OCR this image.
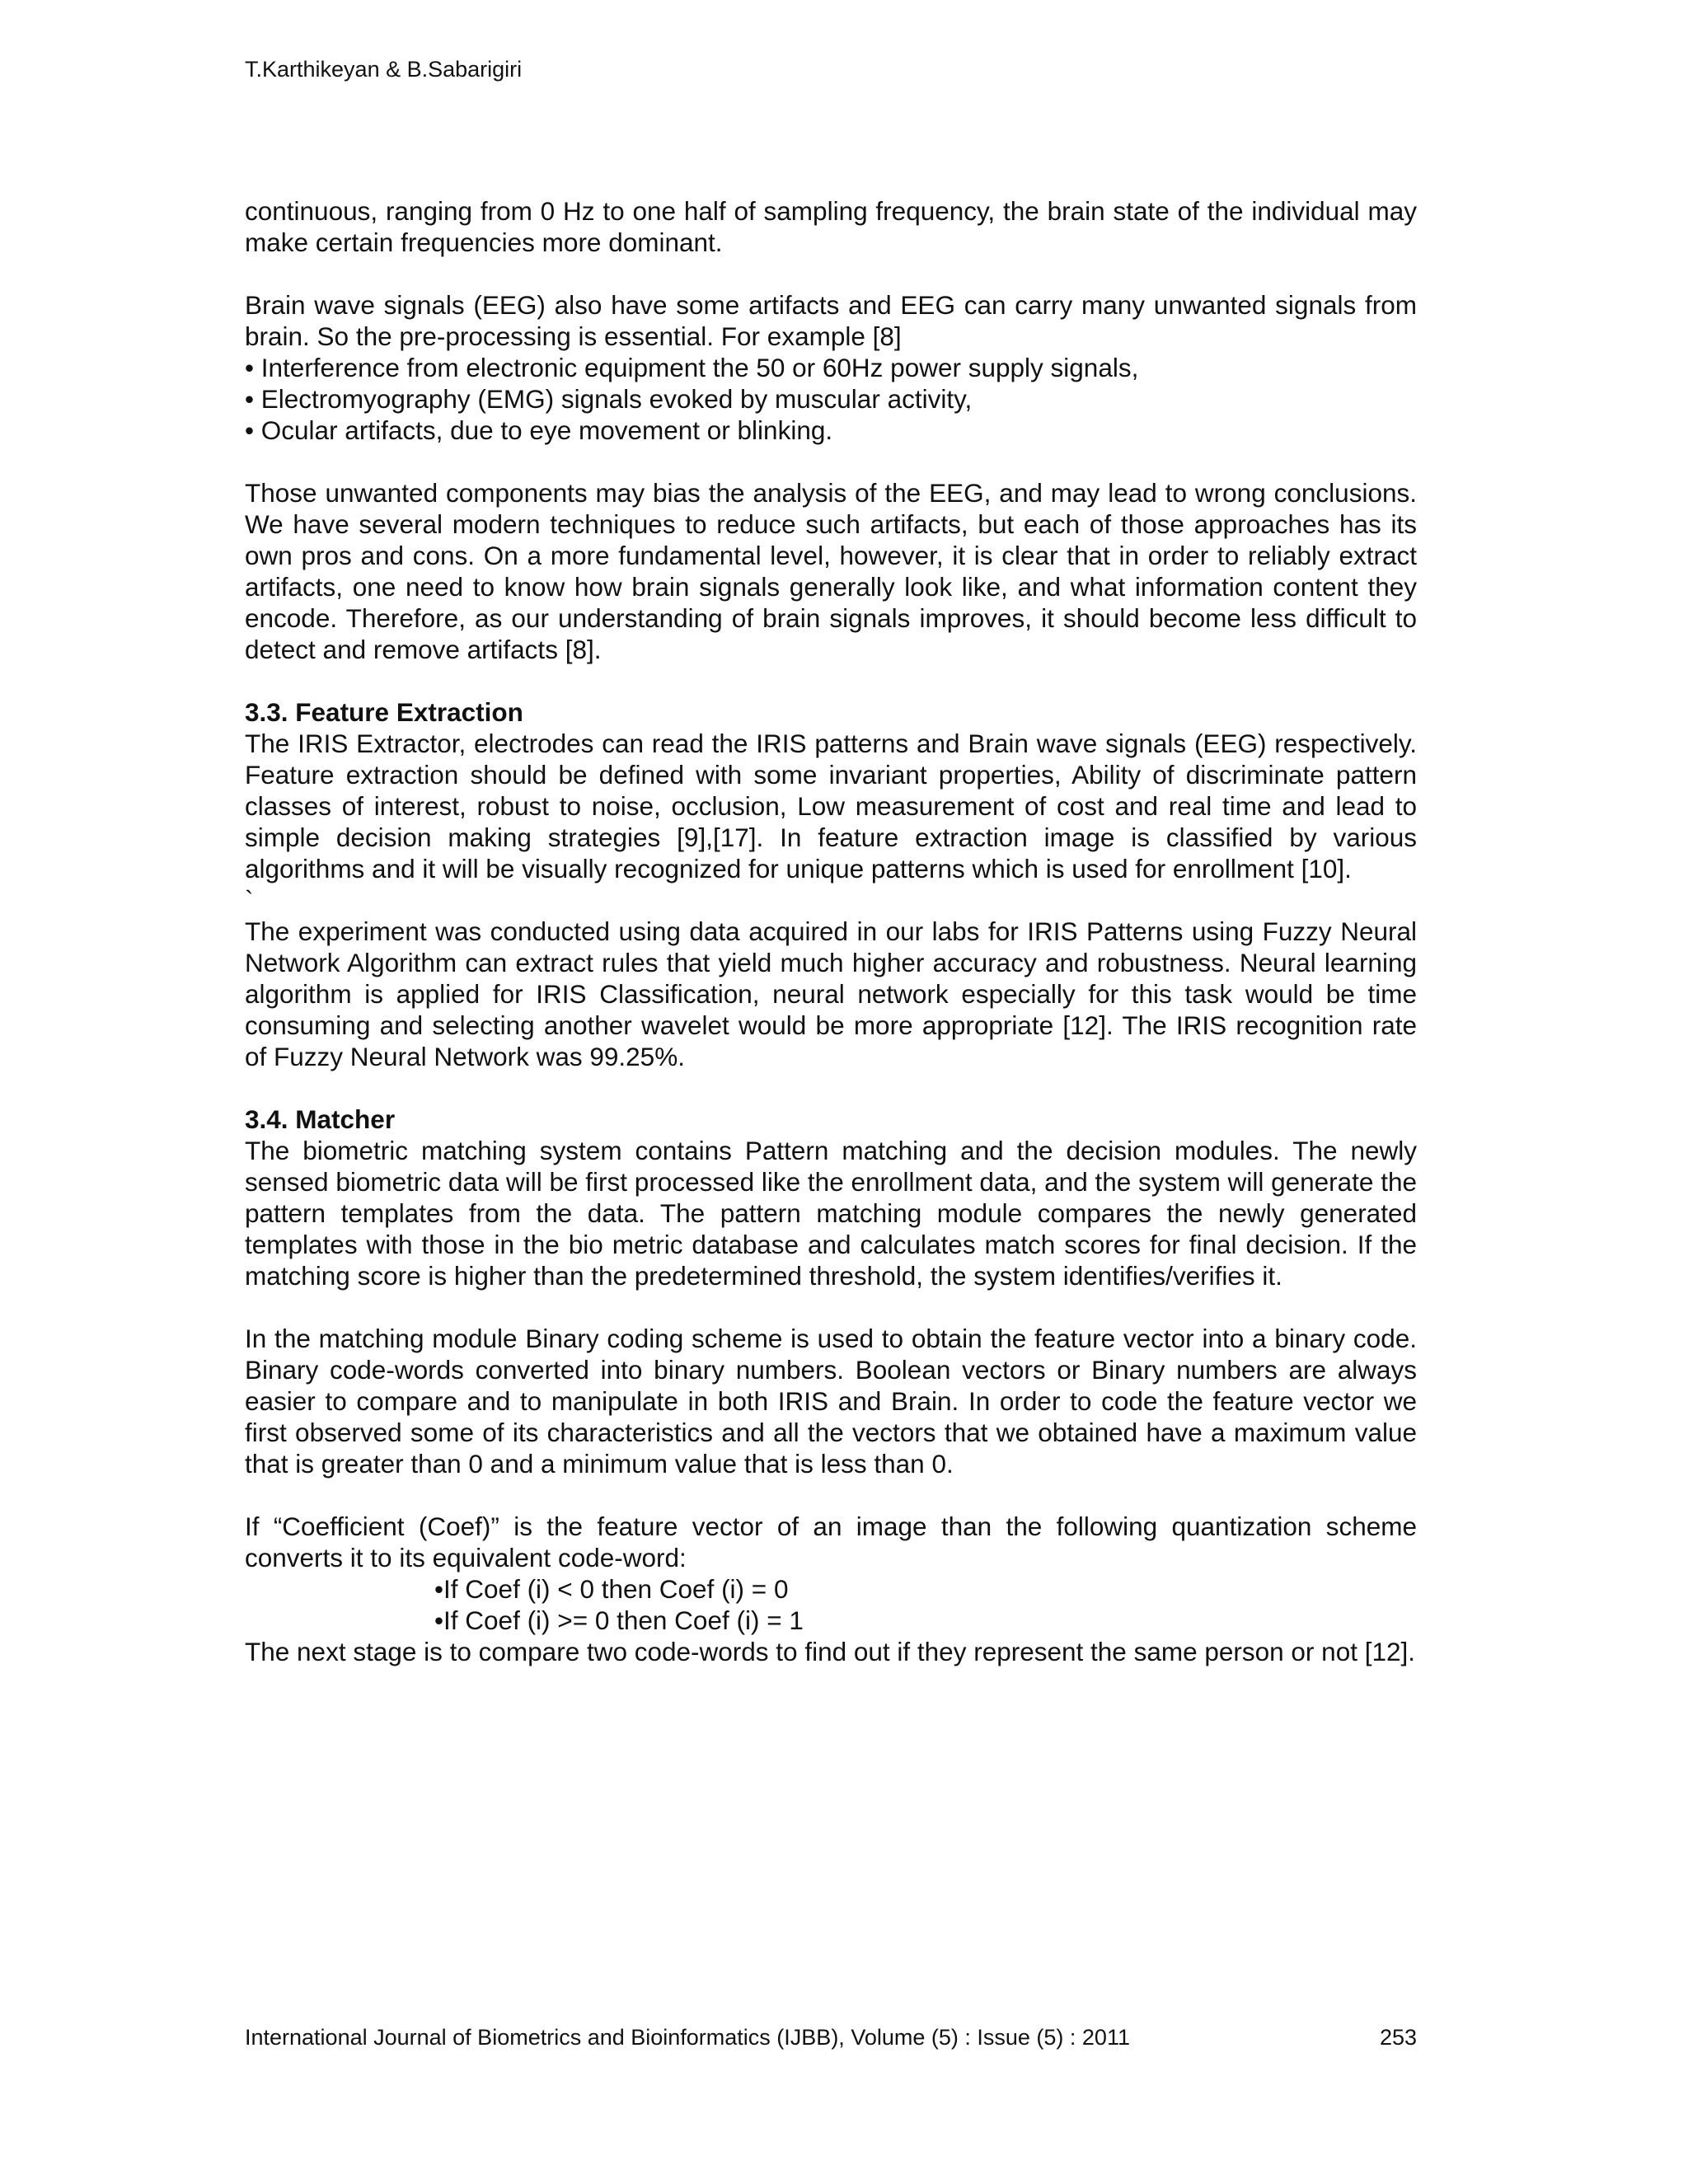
T.Karthikeyan & B.Sabarigiri

continuous, ranging from 0 Hz to one half of sampling frequency, the brain state of the individual may make certain frequencies more dominant.

Brain wave signals (EEG) also have some artifacts and EEG can carry many unwanted signals from brain. So the pre-processing is essential. For example [8]

• Interference from electronic equipment the 50 or 60Hz power supply signals,

• Electromyography (EMG) signals evoked by muscular activity,

• Ocular artifacts, due to eye movement or blinking.

Those unwanted components may bias the analysis of the EEG, and may lead to wrong conclusions. We have several modern techniques to reduce such artifacts, but each of those approaches has its own pros and cons. On a more fundamental level, however, it is clear that in order to reliably extract artifacts, one need to know how brain signals generally look like, and what information content they encode. Therefore, as our understanding of brain signals improves, it should become less difficult to detect and remove artifacts [8].

3.3. Feature Extraction

The IRIS Extractor, electrodes can read the IRIS patterns and Brain wave signals (EEG) respectively. Feature extraction should be defined with some invariant properties, Ability of discriminate pattern classes of interest, robust to noise, occlusion, Low measurement of cost and real time and lead to simple decision making strategies [9],[17]. In feature extraction image is classified by various algorithms and it will be visually recognized for unique patterns which is used for enrollment [10].

`

The experiment was conducted using data acquired in our labs for IRIS Patterns using Fuzzy Neural Network Algorithm can extract rules that yield much higher accuracy and robustness. Neural learning algorithm is applied for IRIS Classification, neural network especially for this task would be time consuming and selecting another wavelet would be more appropriate [12]. The IRIS recognition rate of Fuzzy Neural Network was 99.25%.

3.4. Matcher

The biometric matching system contains Pattern matching and the decision modules. The newly sensed biometric data will be first processed like the enrollment data, and the system will generate the pattern templates from the data. The pattern matching module compares the newly generated templates with those in the bio metric database and calculates match scores for final decision. If the matching score is higher than the predetermined threshold, the system identifies/verifies it.

In the matching module Binary coding scheme is used to obtain the feature vector into a binary code. Binary code-words converted into binary numbers. Boolean vectors or Binary numbers are always easier to compare and to manipulate in both IRIS and Brain. In order to code the feature vector we first observed some of its characteristics and all the vectors that we obtained have a maximum value that is greater than 0 and a minimum value that is less than 0.

If “Coefficient (Coef)” is the feature vector of an image than the following quantization scheme converts it to its equivalent code-word:

•If Coef (i) < 0 then Coef (i) = 0

•If Coef (i) >= 0 then Coef (i) = 1

The next stage is to compare two code-words to find out if they represent the same person or not [12].

International Journal of Biometrics and Bioinformatics (IJBB), Volume (5) : Issue (5) : 2011	253
